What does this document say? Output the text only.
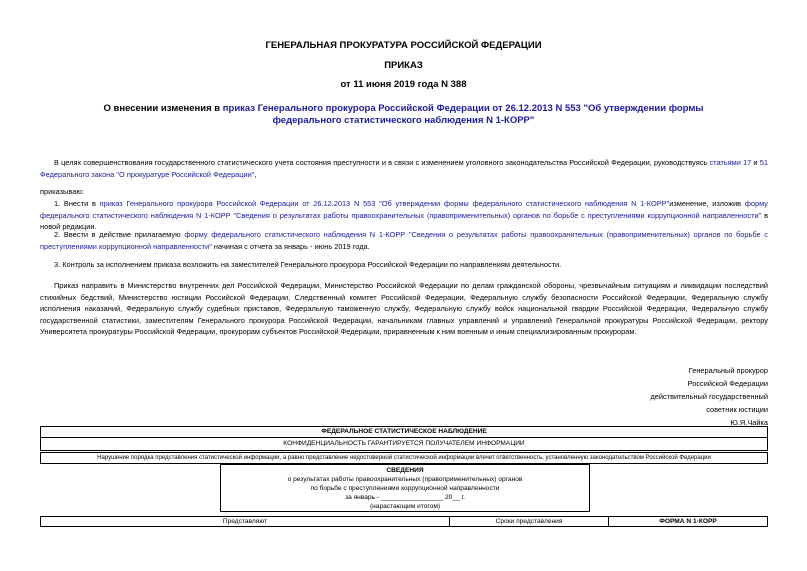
ГЕНЕРАЛЬНАЯ ПРОКУРАТУРА РОССИЙСКОЙ ФЕДЕРАЦИИ
ПРИКАЗ
от 11 июня 2019 года N 388
О внесении изменения в приказ Генерального прокурора Российской Федерации от 26.12.2013 N 553 "Об утверждении формы федерального статистического наблюдения N 1-КОРР"
В целях совершенствования государственного статистического учета состояния преступности и в связи с изменением уголовного законодательства Российской Федерации, руководствуясь статьями 17 и 51 Федерального закона "О прокуратуре Российской Федерации",
приказываю:
1. Внести в приказ Генерального прокурора Российской Федерации от 26.12.2013 N 553 "Об утверждении формы федерального статистического наблюдения N 1-КОРР"изменение, изложив форму федерального статистического наблюдения N 1-КОРР "Сведения о результатах работы правоохранительных (правоприменительных) органов по борьбе с преступлениями коррупционной направленности" в новой редакции.
2. Ввести в действие прилагаемую форму федерального статистического наблюдения N 1-КОРР "Сведения о результатах работы правоохранительных (правоприменительных) органов по борьбе с преступлениями коррупционной направленности" начиная с отчета за январь - июнь 2019 года.
3. Контроль за исполнением приказа возложить на заместителей Генерального прокурора Российской Федерации по направлениям деятельности.
Приказ направить в Министерство внутренних дел Российской Федерации, Министерство Российской Федерации по делам гражданской обороны, чрезвычайным ситуациям и ликвидации последствий стихийных бедствий, Министерство юстиции Российской Федерации, Следственный комитет Российской Федерации, Федеральную службу безопасности Российской Федерации, Федеральную службу исполнения наказаний, Федеральную службу судебных приставов, Федеральную таможенную службу, Федеральную службу войск национальной гвардии Российской Федерации, Федеральную службу государственной статистики, заместителям Генерального прокурора Российской Федерации, начальникам главных управлений и управлений Генеральной прокуратуры Российской Федерации, ректору Университета прокуратуры Российской Федерации, прокурорам субъектов Российской Федерации, приравненным к ним военным и иным специализированным прокурорам.
Генеральный прокурор
Российской Федерации
действительный государственный
советник юстиции
Ю.Я.Чайка
ФЕДЕРАЛЬНОЕ СТАТИСТИЧЕСКОЕ НАБЛЮДЕНИЕ
КОНФИДЕНЦИАЛЬНОСТЬ ГАРАНТИРУЕТСЯ ПОЛУЧАТЕЛЕМ ИНФОРМАЦИИ
Нарушение порядка представления статистической информации, а равно представление недостоверной статистической информации влечет ответственность, установленную законодательством Российской Федерации
СВЕДЕНИЯ
о результатах работы правоохранительных (правоприменительных) органов
по борьбе с преступлениями коррупционной направленности
за январь - _________________ 20__ г.
(нарастающим итогом)
Представляют	Сроки представления	ФОРМА N 1-КОРР
